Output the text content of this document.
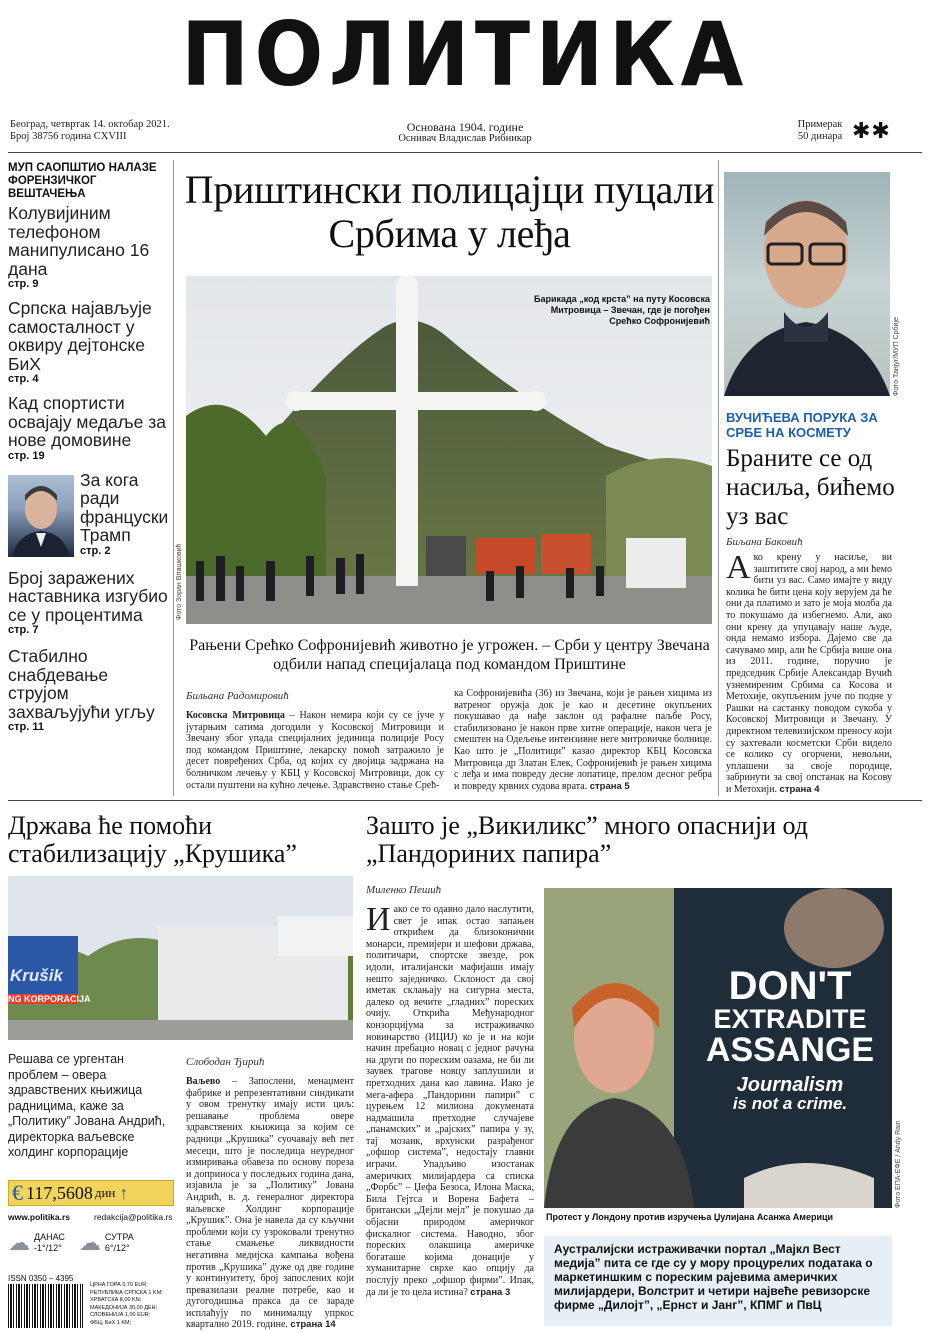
ПОЛИТИКА
Београд, четвртак 14. октобар 2021.
Број 38756 година CXVIII
Основана 1904. године
Оснивач Владислав Рибникар
Примерак
50 динара ✱✱
МУП САОПШТИО НАЛАЗЕ ФОРЕНЗИЧКОГ ВЕШТАЧЕЊА
Колувијиним телефоном манипулисано 16 дана
стр. 9
Српска најављује самосталност у оквиру дејтонске БиХ
стр. 4
Кад спортисти освајају медаље за нове домовине
стр. 19
За кога ради француски Трамп
стр. 2
Број заражених наставника изгубио се у процентима
стр. 7
Стабилно снабдевање струјом захваљујући угљу
стр. 11
Приштински полицајци пуцали Србима у леђа
Барикада „код крста” на путу Косовска Митровица – Звечан, где је погођен Срећко Софронијевић
Фото Зоран Влашковић
Рањени Срећко Софронијевић животно је угрожен. – Срби у центру Звечана одбили напад специјалаца под командом Приштине
Бильана Радомировић
Косовска Митровица – Након немира који су се јуче у јутарњим сатима догодили у Косовској Митровици и Звечану због упада специјалних јединица полиције Росу под командом Приштине, лекарску помоћ затражило је десет повређених Срба, од којих су двојица задржана на болничком лечењу у КБЦ у Косовској Митровици, док су остали пуштени на кућно лечење. Здравствено стање Срећ-
ка Софронијевића (36) из Звечана, који је рањен хицима из ватреног оружја док је као и десетине окупљених покушавао да нађе заклон од рафалне паљбе Росу, стабилизовано је након прве хитне операције, након чега је смештен на Одељење интензивне неге митровичке болнице. Као што је „Политици” казао директор КБЦ Косовска Митровица др Златан Елек, Софронијевић је рањен хицима с леђа и има повреду десне лопатице, прелом десног ребра и повреду крвних судова врата. страна 5
Фото Танјуг/МУП Србије
ВУЧИЋЕВА ПОРУКА ЗА СРБЕ НА КОСМЕТУ
Браните се од насиља, бићемо уз вас
Биљана Баковић
Ако крену у насиље, ви заштитите свој народ, а ми ћемо бити уз вас. Само имајте у виду колика ће бити цена коју верујем да ће они да платимо и зато је моја молба да то покушамо да избегнемо. Али, ако они крену да упуцавају наше људе, онда немамо избора. Дајемо све да сачувамо мир, али ће Србија више она из 2011. године, поручио је председник Србије Александар Вучић узнемиреним Србима са Косова и Метохије, окупљеним јуче по подне у Рашки на састанку поводом сукоба у Косовској Митровици и Звечану. У директном телевизијском преносу који су захтевали косметски Срби видело се колико су огорчени, невољни, уплашени за своје породице, забринути за свој опстанак на Косову и Метохији. страна 4
Држава ће помоћи стабилизацију „Крушика”
Krušik
NG KORPORACIJA
Решава се ургентан проблем – овера здравствених књижица радницима, каже за „Политику” Јована Андрић, директорка ваљевске холдинг корпорације
Слободан Ђирић
Ваљево – Запослени, менаџмент фабрике и репрезентативни синдикати у овом тренутку имају исти циљ: решавање проблема овере здравствених књижица за којим се радници „Крушика” суочавају већ пет месеци, што је последица неуредног измиривања обавеза по основу пореза и доприноса у последњих година дана, изјавила је за „Политику” Јована Андрић, в. д. генералног директора ваљевске Холдинг корпорације „Крушик”. Она је навела да су кључни проблеми који су узроковали тренутно стање смањење ликвидности негативна медијска кампања вођена против „Крушика” дуже од две године у континуитету, број запослених који превазилази реалне потребе, као и дугогодишња пракса да се зараде исплаћују по минималцу упркос квартално 2019. године. страна 14
€ 117,5608 дин ↑
www.politika.rs	redakcija@politika.rs
☁ ДАНАС
-1°/12° ☁ СУТРА
6°/12°
ISSN 0350 – 4395
ЦРНА ГОРА 0,70 EUR;
РЕПУБЛИКА СРПСКА 1 KM;
ХРВАТСКА 8,00 KN;
МАКЕДОНИЈА 30,00 ДЕН;
СЛОВЕНИЈА 1,00 EUR;
ФБЦ, БиХ 1 KM;
Зашто је „Викиликс” много опаснији од „Пандориних папира”
Миленко Пешић
Иако се то одавно дало наслутити, свет је ипак остао запањен открићем да близоконични монарси, премијери и шефови држава, политичари, спортске звезде, рок идоли, италијански мафијаши имају нешто заједничко. Склоност да свој иметак склањају на сигурна места, далеко од вечите „гладних” пореских очију. Открића Међународног конзорцијума за истраживачко новинарство (ИЦИЈ) ко је и на који начин пребацио новац с једног рачуна на други по пореским оазама, не би ли заувек трагове новцу заплушили и претходних дана као лавина. Иако је мега-афера „Пандорини папири” с цурењем 12 милиона докумената надмашила претходне случајеве „панамских” и „рајских” папира у зу, тај мозаик, врхунски разрађеног „офшор система”, недостају главни играчи. Упадљиво изостанак америчких милијардера са списка „Форбс” – Џефа Безоса, Илона Маска, Била Гејтса и Ворена Бафета – британски „Дејли мејл” је покушао да објасни природом америчког фискалног система. Наводно, због пореских олакшица америчке богаташе којима донације у хуманитарне сврхе као опцију да послују преко „офшор фирми”. Ипак, да ли је то цела истина? страна 3
DON'T
EXTRADITE
ASSANGE
Journalism
is not a crime.
Фото ЕПА-ЕФЕ / Andy Rain
Протест у Лондону против изручења Џулијана Асанжа Америци
Аустралијски истраживачки портал „Мајкл Вест медија” пита се где су у мору процурелих података о маркетиншким с пореским рајевима америчких милијардери, Волстрит и четири највеће ревизорске фирме „Дилојт”, „Ернст и Јанг”, КПМГ и ПвЦ
